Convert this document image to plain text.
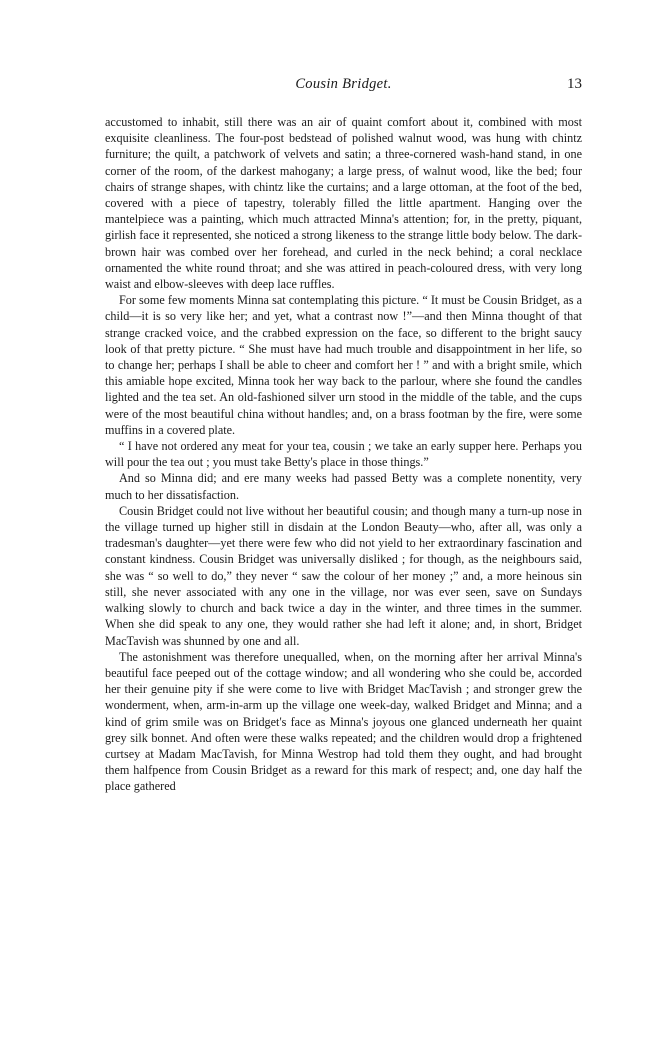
Cousin Bridget.	13

accustomed to inhabit, still there was an air of quaint comfort about it, combined with most exquisite cleanliness. The four-post bedstead of polished walnut wood, was hung with chintz furniture; the quilt, a patchwork of velvets and satin; a three-cornered wash-hand stand, in one corner of the room, of the darkest mahogany; a large press, of walnut wood, like the bed; four chairs of strange shapes, with chintz like the curtains; and a large ottoman, at the foot of the bed, covered with a piece of tapestry, tolerably filled the little apartment. Hanging over the mantelpiece was a painting, which much attracted Minna's attention; for, in the pretty, piquant, girlish face it represented, she noticed a strong likeness to the strange little body below. The dark-brown hair was combed over her forehead, and curled in the neck behind; a coral necklace ornamented the white round throat; and she was attired in peach-coloured dress, with very long waist and elbow-sleeves with deep lace ruffles.

For some few moments Minna sat contemplating this picture. “ It must be Cousin Bridget, as a child—it is so very like her; and yet, what a contrast now !”—and then Minna thought of that strange cracked voice, and the crabbed expression on the face, so different to the bright saucy look of that pretty picture. “ She must have had much trouble and disappointment in her life, so to change her; perhaps I shall be able to cheer and comfort her ! ” and with a bright smile, which this amiable hope excited, Minna took her way back to the parlour, where she found the candles lighted and the tea set. An old-fashioned silver urn stood in the middle of the table, and the cups were of the most beautiful china without handles; and, on a brass footman by the fire, were some muffins in a covered plate.

“ I have not ordered any meat for your tea, cousin ; we take an early supper here. Perhaps you will pour the tea out ; you must take Betty's place in those things.”

And so Minna did; and ere many weeks had passed Betty was a complete nonentity, very much to her dissatisfaction.

Cousin Bridget could not live without her beautiful cousin; and though many a turn-up nose in the village turned up higher still in disdain at the London Beauty—who, after all, was only a tradesman's daughter—yet there were few who did not yield to her extraordinary fascination and constant kindness. Cousin Bridget was universally disliked ; for though, as the neighbours said, she was “ so well to do,” they never “ saw the colour of her money ;” and, a more heinous sin still, she never associated with any one in the village, nor was ever seen, save on Sundays walking slowly to church and back twice a day in the winter, and three times in the summer. When she did speak to any one, they would rather she had left it alone; and, in short, Bridget MacTavish was shunned by one and all.

The astonishment was therefore unequalled, when, on the morning after her arrival Minna's beautiful face peeped out of the cottage window; and all wondering who she could be, accorded her their genuine pity if she were come to live with Bridget MacTavish ; and stronger grew the wonderment, when, arm-in-arm up the village one week-day, walked Bridget and Minna; and a kind of grim smile was on Bridget's face as Minna's joyous one glanced underneath her quaint grey silk bonnet. And often were these walks repeated; and the children would drop a frightened curtsey at Madam MacTavish, for Minna Westrop had told them they ought, and had brought them halfpence from Cousin Bridget as a reward for this mark of respect; and, one day half the place gathered
